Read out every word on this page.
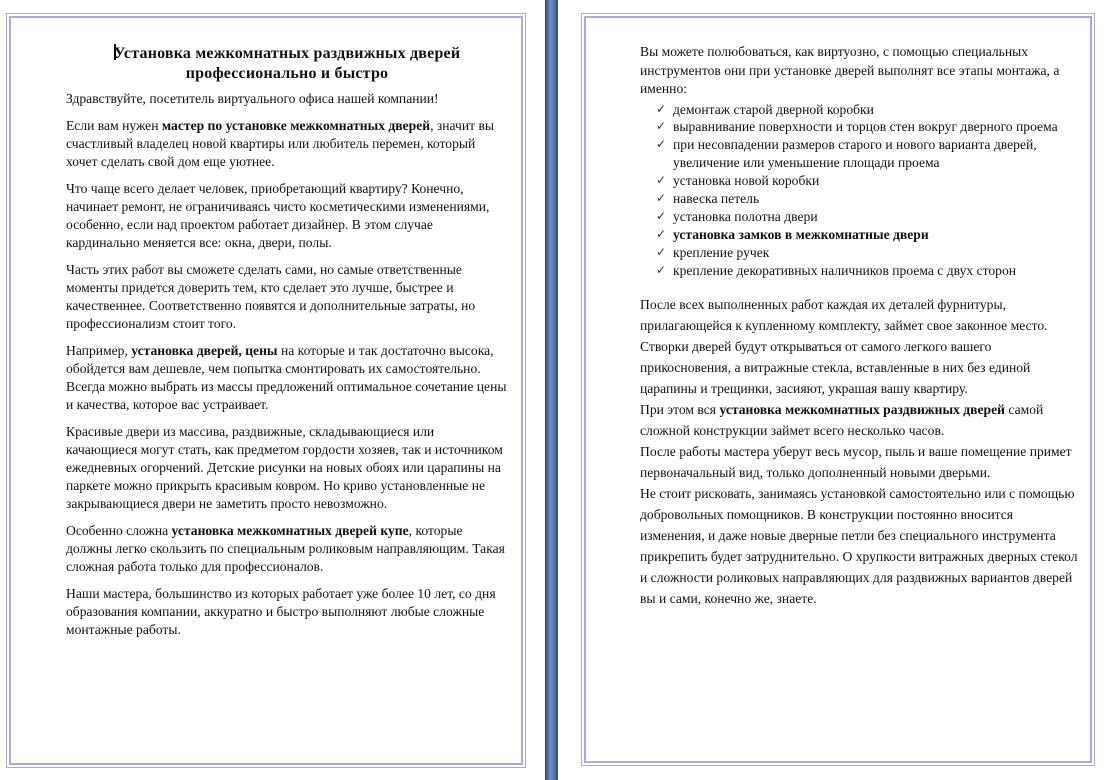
Установка межкомнатных раздвижных дверей профессионально и быстро

Здравствуйте, посетитель виртуального офиса нашей компании!

Если вам нужен мастер по установке межкомнатных дверей, значит вы счастливый владелец новой квартиры или любитель перемен, который хочет сделать свой дом еще уютнее.

Что чаще всего делает человек, приобретающий квартиру? Конечно, начинает ремонт, не ограничиваясь чисто косметическими изменениями, особенно, если над проектом работает дизайнер. В этом случае кардинально меняется все: окна, двери, полы.

Часть этих работ вы сможете сделать сами, но самые ответственные моменты придется доверить тем, кто сделает это лучше, быстрее и качественнее. Соответственно появятся и дополнительные затраты, но профессионализм стоит того.

Например, установка дверей, цены на которые и так достаточно высока, обойдется вам дешевле, чем попытка смонтировать их самостоятельно. Всегда можно выбрать из массы предложений оптимальное сочетание цены и качества, которое вас устраивает.

Красивые двери из массива, раздвижные, складывающиеся или качающиеся могут стать, как предметом гордости хозяев, так и источником ежедневных огорчений. Детские рисунки на новых обоях или царапины на паркете можно прикрыть красивым ковром. Но криво установленные не закрывающиеся двери не заметить просто невозможно.

Особенно сложна установка межкомнатных дверей купе, которые должны легко скользить по специальным роликовым направляющим. Такая сложная работа только для профессионалов.

Наши мастера, большинство из которых работает уже более 10 лет, со дня образования компании, аккуратно и быстро выполняют любые сложные монтажные работы.

Вы можете полюбоваться, как виртуозно, с помощью специальных инструментов они при установке дверей выполнят все этапы монтажа, а именно:

✓ демонтаж старой дверной коробки
✓ выравнивание поверхности и торцов стен вокруг дверного проема
✓ при несовпадении размеров старого и нового варианта дверей, увеличение или уменьшение площади проема
✓ установка новой коробки
✓ навеска петель
✓ установка полотна двери
✓ установка замков в межкомнатные двери
✓ крепление ручек
✓ крепление декоративных наличников проема с двух сторон

После всех выполненных работ каждая их деталей фурнитуры, прилагающейся к купленному комплекту, займет свое законное место. Створки дверей будут открываться от самого легкого вашего прикосновения, а витражные стекла, вставленные в них без единой царапины и трещинки, засияют, украшая вашу квартиру.

При этом вся установка межкомнатных раздвижных дверей самой сложной конструкции займет всего несколько часов.

После работы мастера уберут весь мусор, пыль и ваше помещение примет первоначальный вид, только дополненный новыми дверьми.

Не стоит рисковать, занимаясь установкой самостоятельно или с помощью добровольных помощников. В конструкции постоянно вносится изменения, и даже новые дверные петли без специального инструмента прикрепить будет затруднительно. О хрупкости витражных дверных стекол и сложности роликовых направляющих для раздвижных вариантов дверей вы и сами, конечно же, знаете.
